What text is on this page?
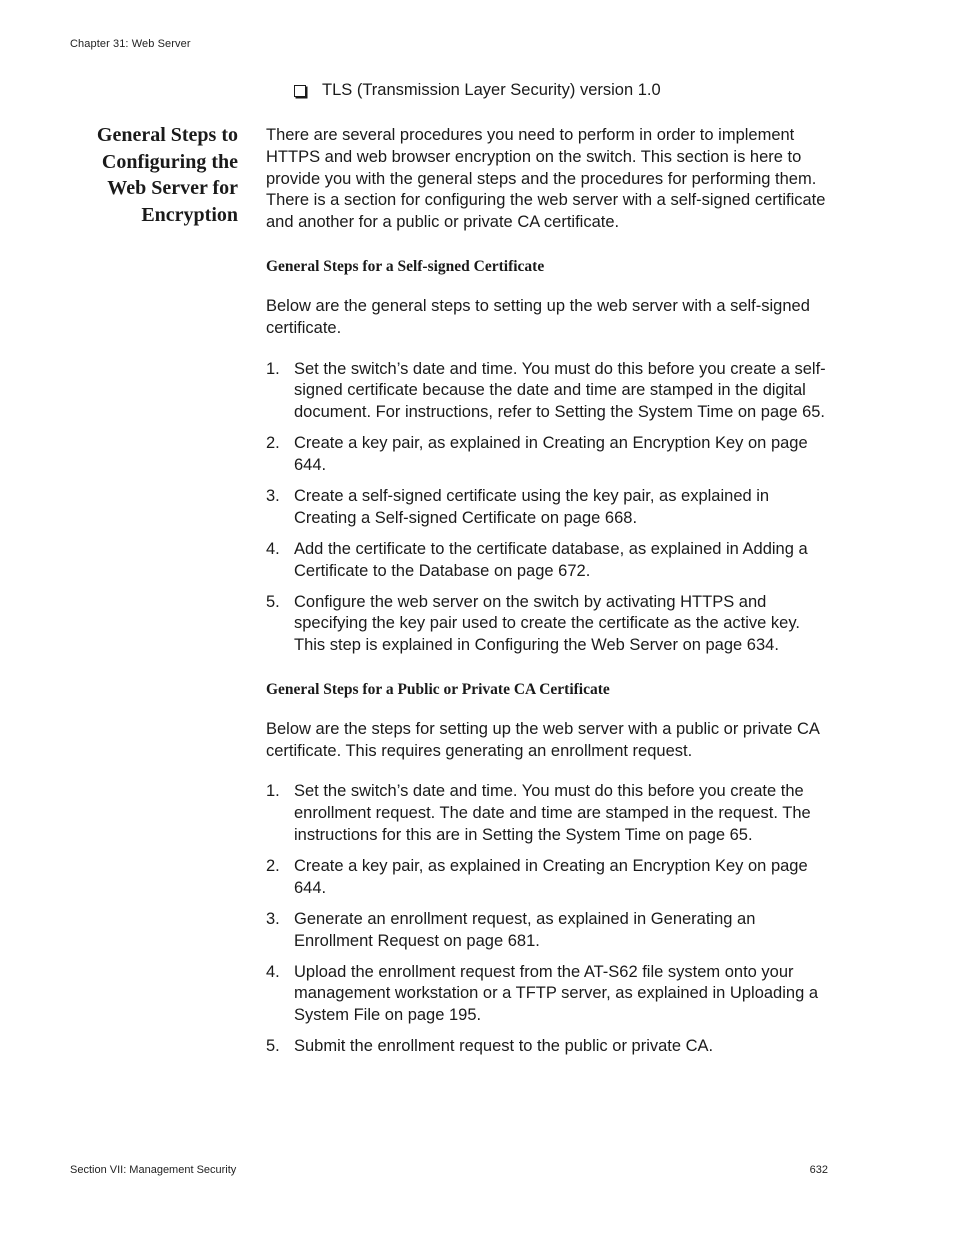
Chapter 31: Web Server
TLS (Transmission Layer Security) version 1.0
General Steps to Configuring the Web Server for Encryption

There are several procedures you need to perform in order to implement HTTPS and web browser encryption on the switch. This section is here to provide you with the general steps and the procedures for performing them. There is a section for configuring the web server with a self-signed certificate and another for a public or private CA certificate.

General Steps for a Self-signed Certificate

Below are the general steps to setting up the web server with a self-signed certificate.

1. Set the switch’s date and time. You must do this before you create a self-signed certificate because the date and time are stamped in the digital document. For instructions, refer to Setting the System Time on page 65.
2. Create a key pair, as explained in Creating an Encryption Key on page 644.
3. Create a self-signed certificate using the key pair, as explained in Creating a Self-signed Certificate on page 668.
4. Add the certificate to the certificate database, as explained in Adding a Certificate to the Database on page 672.
5. Configure the web server on the switch by activating HTTPS and specifying the key pair used to create the certificate as the active key. This step is explained in Configuring the Web Server on page 634.
General Steps for a Public or Private CA Certificate

Below are the steps for setting up the web server with a public or private CA certificate. This requires generating an enrollment request.

1. Set the switch’s date and time. You must do this before you create the enrollment request. The date and time are stamped in the request. The instructions for this are in Setting the System Time on page 65.
2. Create a key pair, as explained in Creating an Encryption Key on page 644.
3. Generate an enrollment request, as explained in Generating an Enrollment Request on page 681.
4. Upload the enrollment request from the AT-S62 file system onto your management workstation or a TFTP server, as explained in Uploading a System File on page 195.
5. Submit the enrollment request to the public or private CA.
Section VII: Management Security	632
